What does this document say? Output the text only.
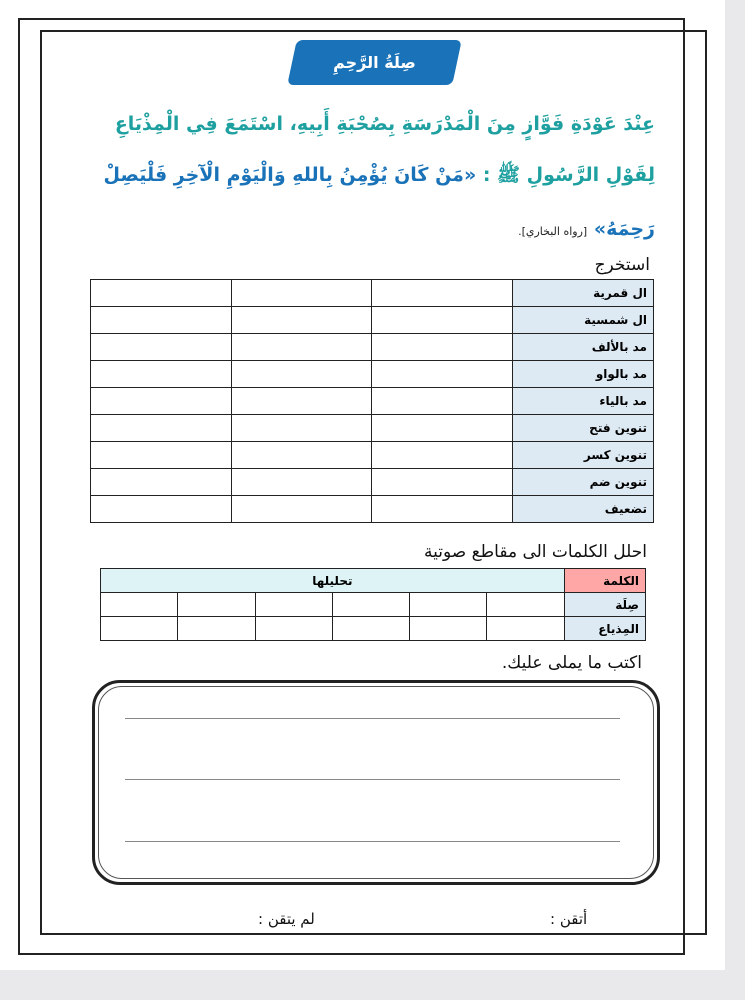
صِلَةُ الرَّحِمِ
عِنْدَ عَوْدَةِ فَوَّازٍ مِنَ الْمَدْرَسَةِ بِصُحْبَةِ أَبِيهِ، اسْتَمَعَ فِي الْمِذْيَاعِ
لِقَوْلِ الرَّسُولِ ﷺ : «مَنْ كَانَ يُؤْمِنُ بِاللهِ وَالْيَوْمِ الْآخِرِ فَلْيَصِلْ
رَحِمَهُ» [رواه البخاري].
استخرج
ال قمرية			
ال شمسية			
مد بالألف			
مد بالواو			
مد بالياء			
تنوين فتح			
تنوين كسر			
تنوين ضم			
تضعيف			
احلل الكلمات الى مقاطع صوتية
الكلمة	تحليلها					
صِلَة						
المِذياع						
اكتب ما يملى عليك.
أتقن :
لم يتقن :
